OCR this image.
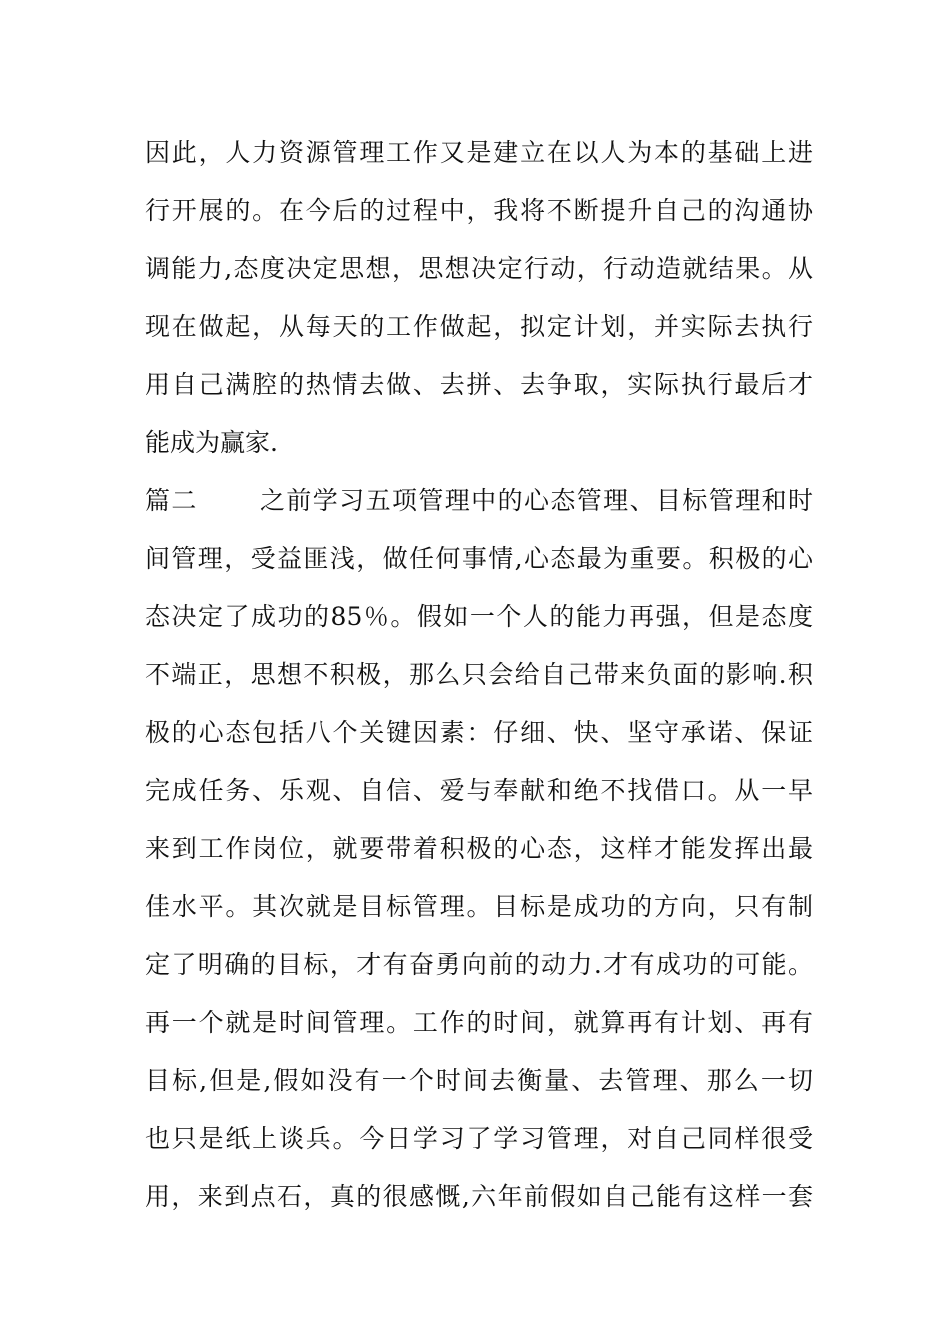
因此，人力资源管理工作又是建立在以人为本的基础上进
行开展的。在今后的过程中，我将不断提升自己的沟通协
调能力,态度决定思想，思想决定行动，行动造就结果。从
现在做起，从每天的工作做起，拟定计划，并实际去执行
用自己满腔的热情去做、去拼、去争取，实际执行最后才
能成为赢家.
篇二　　 之前学习五项管理中的心态管理、目标管理和时
间管理，受益匪浅，做任何事情,心态最为重要。积极的心
态决定了成功的85％。假如一个人的能力再强，但是态度
不端正，思想不积极，那么只会给自己带来负面的影响.积
极的心态包括八个关键因素：仔细、快、坚守承诺、保证
完成任务、乐观、自信、爱与奉献和绝不找借口。从一早
来到工作岗位，就要带着积极的心态，这样才能发挥出最
佳水平。其次就是目标管理。目标是成功的方向，只有制
定了明确的目标，才有奋勇向前的动力.才有成功的可能。
再一个就是时间管理。工作的时间，就算再有计划、再有
目标,但是,假如没有一个时间去衡量、去管理、那么一切
也只是纸上谈兵。今日学习了学习管理，对自己同样很受
用，来到点石，真的很感慨,六年前假如自己能有这样一套
